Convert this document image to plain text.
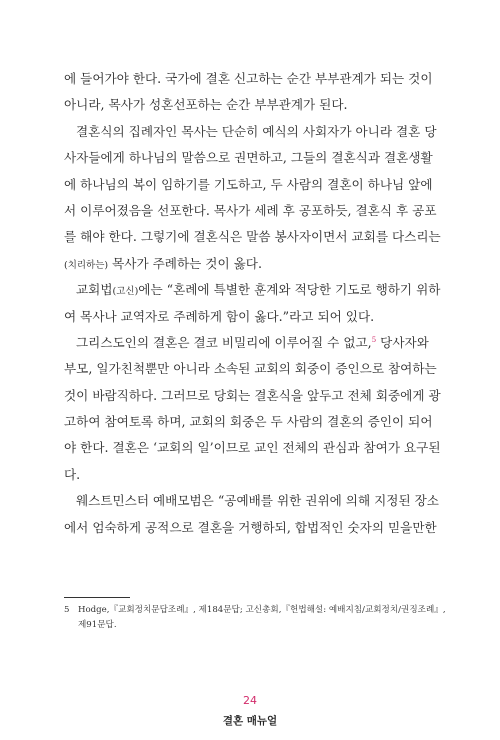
에 들어가야 한다. 국가에 결혼 신고하는 순간 부부관계가 되는 것이
아니라, 목사가 성혼선포하는 순간 부부관계가 된다.
결혼식의 집례자인 목사는 단순히 예식의 사회자가 아니라 결혼 당
사자들에게 하나님의 말씀으로 권면하고, 그들의 결혼식과 결혼생활
에 하나님의 복이 임하기를 기도하고, 두 사람의 결혼이 하나님 앞에
서 이루어졌음을 선포한다. 목사가 세례 후 공포하듯, 결혼식 후 공포
를 해야 한다. 그렇기에 결혼식은 말씀 봉사자이면서 교회를 다스리는
(치리하는) 목사가 주례하는 것이 옳다.
교회법(고신)에는 “혼례에 특별한 훈계와 적당한 기도로 행하기 위하
여 목사나 교역자로 주례하게 함이 옳다.”라고 되어 있다.
그리스도인의 결혼은 결코 비밀리에 이루어질 수 없고,$^5$ 당사자와
부모, 일가친척뿐만 아니라 소속된 교회의 회중이 증인으로 참여하는
것이 바람직하다. 그러므로 당회는 결혼식을 앞두고 전체 회중에게 광
고하여 참여토록 하며, 교회의 회중은 두 사람의 결혼의 증인이 되어
야 한다. 결혼은 ‘교회의 일’이므로 교인 전체의 관심과 참여가 요구된
다.
웨스트민스터 예배모범은 “공예배를 위한 권위에 의해 지정된 장소
에서 엄숙하게 공적으로 결혼을 거행하되, 합법적인 숫자의 믿을만한
5 Hodge,『교회정치문답조례』, 제184문답; 고신총회,『헌법해설: 예배지침/교회정치/권징조례』,
제91문답.
24
결혼 매뉴얼
